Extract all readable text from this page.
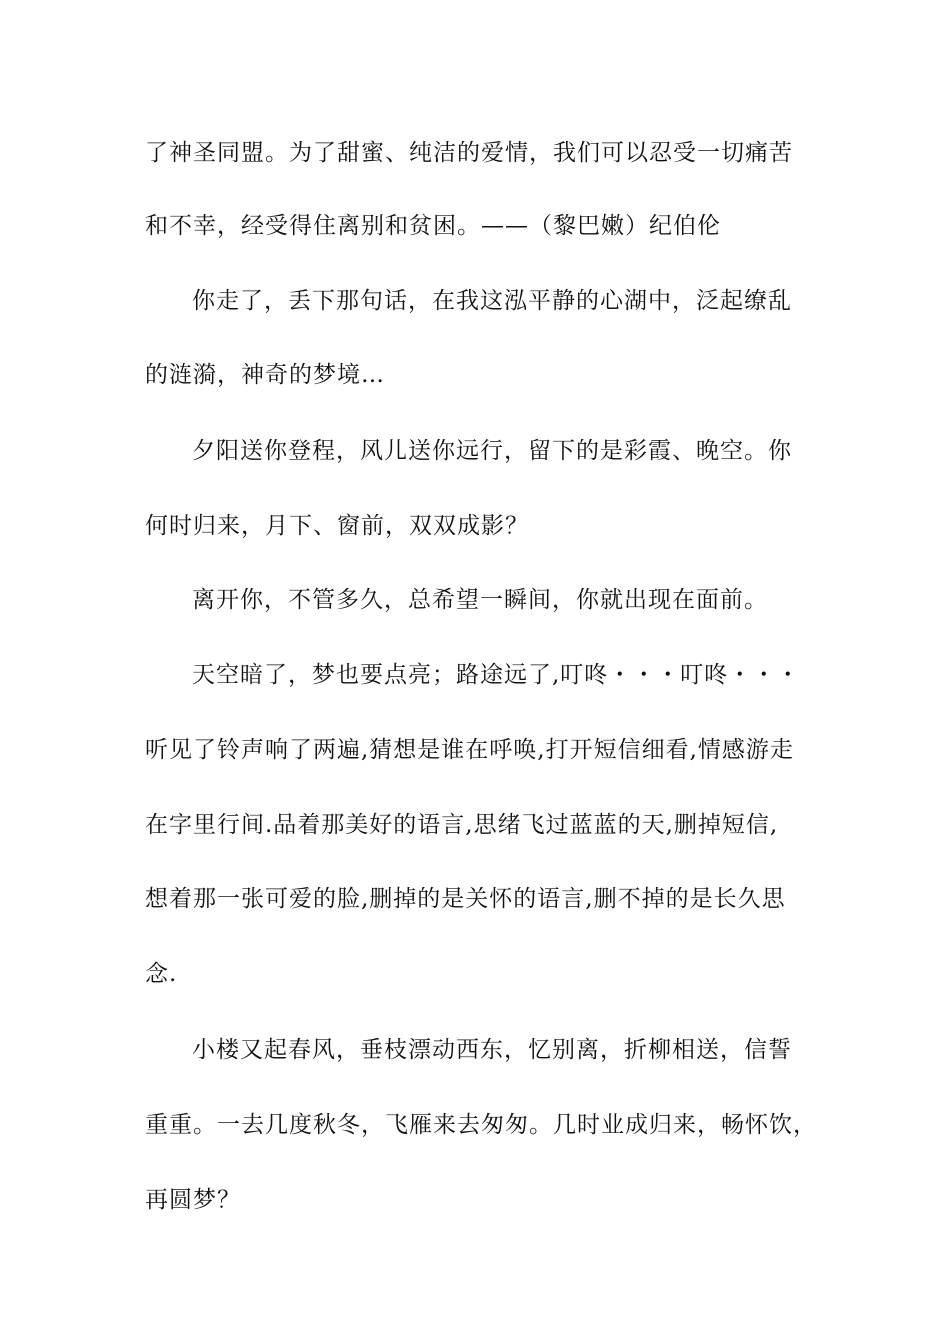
了神圣同盟。为了甜蜜、纯洁的爱情，我们可以忍受一切痛苦
和不幸，经受得住离别和贫困。——（黎巴嫩）纪伯伦
你走了，丢下那句话，在我这泓平静的心湖中，泛起缭乱
的涟漪，神奇的梦境…
夕阳送你登程，风儿送你远行，留下的是彩霞、晚空。你
何时归来，月下、窗前，双双成影？
离开你，不管多久，总希望一瞬间，你就出现在面前。
天空暗了，梦也要点亮；路途远了,叮咚・・・叮咚・・・
听见了铃声响了两遍,猜想是谁在呼唤,打开短信细看,情感游走
在字里行间.品着那美好的语言,思绪飞过蓝蓝的天,删掉短信,
想着那一张可爱的脸,删掉的是关怀的语言,删不掉的是长久思
念.
小楼又起春风，垂枝漂动西东，忆别离，折柳相送，信誓
重重。一去几度秋冬，飞雁来去匆匆。几时业成归来，畅怀饮，
再圆梦？
